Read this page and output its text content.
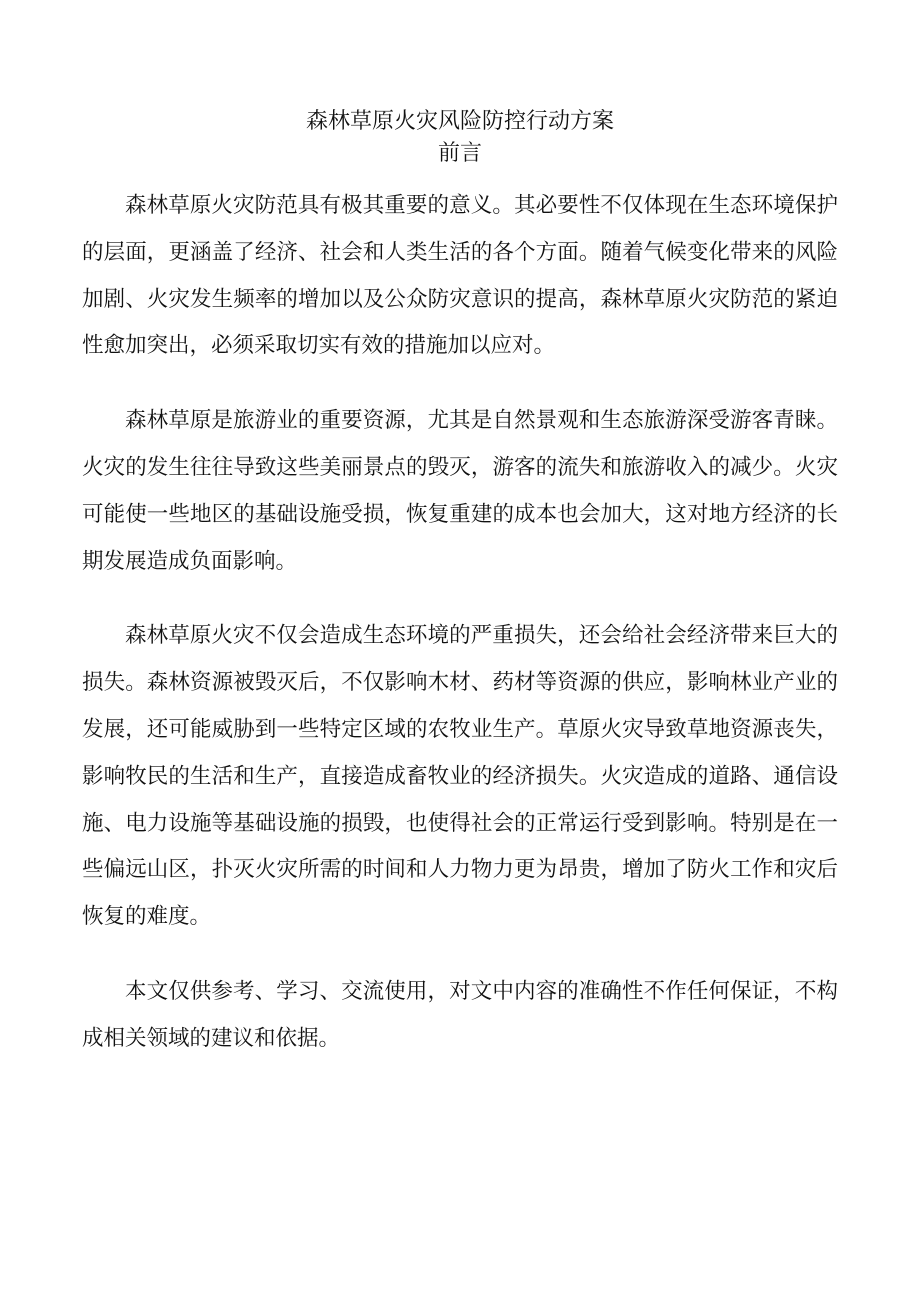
森林草原火灾风险防控行动方案
前言

森林草原火灾防范具有极其重要的意义。其必要性不仅体现在生态环境保护的层面，更涵盖了经济、社会和人类生活的各个方面。随着气候变化带来的风险加剧、火灾发生频率的增加以及公众防灾意识的提高，森林草原火灾防范的紧迫性愈加突出，必须采取切实有效的措施加以应对。

森林草原是旅游业的重要资源，尤其是自然景观和生态旅游深受游客青睐。火灾的发生往往导致这些美丽景点的毁灭，游客的流失和旅游收入的减少。火灾可能使一些地区的基础设施受损，恢复重建的成本也会加大，这对地方经济的长期发展造成负面影响。

森林草原火灾不仅会造成生态环境的严重损失，还会给社会经济带来巨大的损失。森林资源被毁灭后，不仅影响木材、药材等资源的供应，影响林业产业的发展，还可能威胁到一些特定区域的农牧业生产。草原火灾导致草地资源丧失，影响牧民的生活和生产，直接造成畜牧业的经济损失。火灾造成的道路、通信设施、电力设施等基础设施的损毁，也使得社会的正常运行受到影响。特别是在一些偏远山区，扑灭火灾所需的时间和人力物力更为昂贵，增加了防火工作和灾后恢复的难度。

本文仅供参考、学习、交流使用，对文中内容的准确性不作任何保证，不构成相关领域的建议和依据。
